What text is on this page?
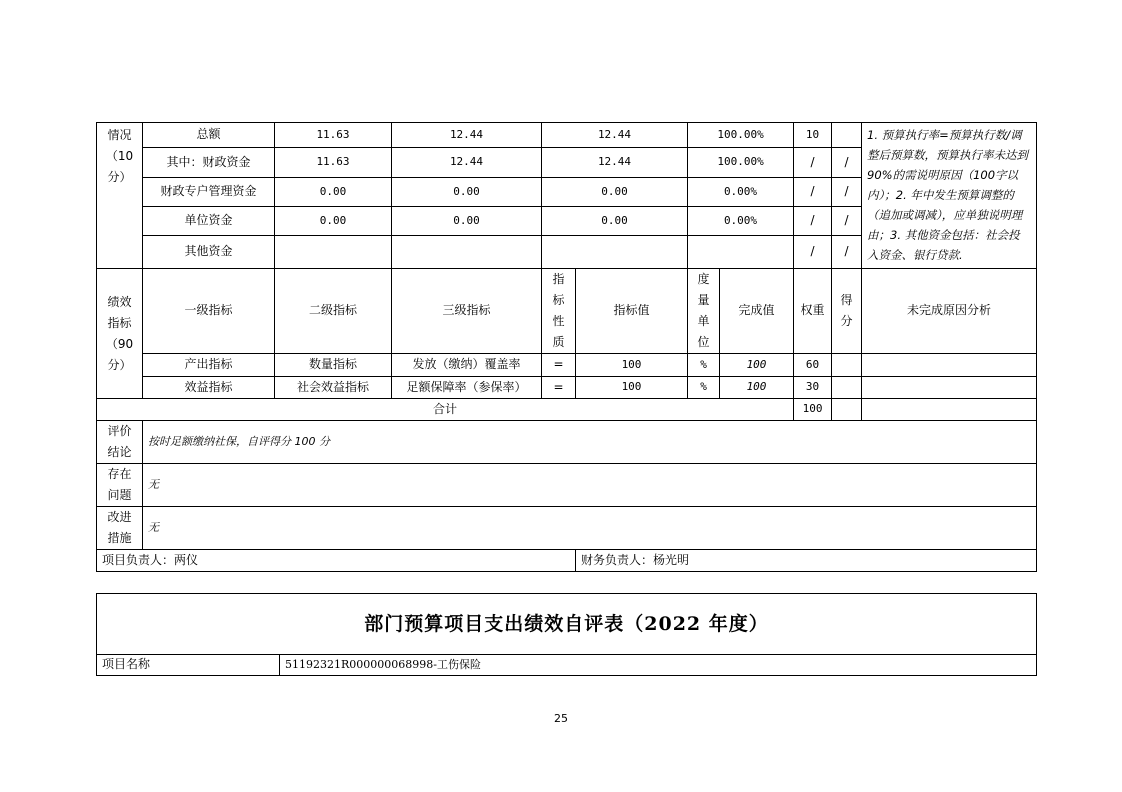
情况
（10
分）	总额	11.63	12.44	12.44		100.00%		10		1. 预算执行率=预算执行数/调整后预算数，预算执行率未达到90%的需说明原因（100字以内）；2. 年中发生预算调整的（追加或调减），应单独说明理由；3. 其他资金包括：社会投入资金、银行贷款.
	其中：财政资金	11.63	12.44	12.44		100.00%		/	/	
	财政专户管理资金	0.00	0.00	0.00		0.00%		/	/	
	单位资金	0.00	0.00	0.00		0.00%		/	/	
	其他资金							/	/	

绩效
指标
（90
分）	一级指标	二级指标	三级指标	指
标
性
质	指标值	度
量
单
位	完成值	权重	得
分	未完成原因分析
	产出指标	数量指标	发放（缴纳）覆盖率	=	100	%	100	60		
	效益指标	社会效益指标	足额保障率（参保率）	=	100	%	100	30		
合计								100		

评价
结论	按时足额缴纳社保，自评得分 100 分									

存在
问题	无									

改进
措施	无									
项目负责人：两仪					财务负责人：杨光明					
部门预算项目支出绩效自评表（2022 年度）
项目名称	51192321R000000068998-工伤保险
25
